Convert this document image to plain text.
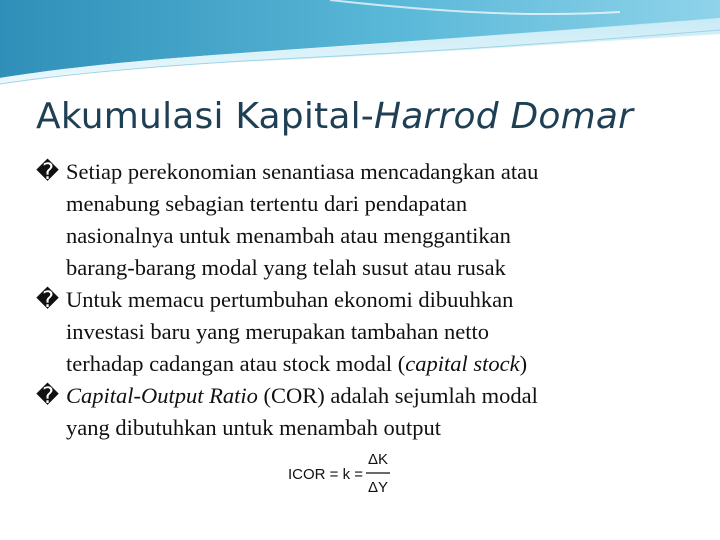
Akumulasi Kapital-Harrod Domar
� Setiap perekonomian senantiasa mencadangkan atau
menabung sebagian tertentu dari pendapatan
nasionalnya untuk menambah atau menggantikan
barang-barang modal yang telah susut atau rusak
� Untuk memacu pertumbuhan ekonomi dibuuhkan
investasi baru yang merupakan tambahan netto
terhadap cadangan atau stock modal (capital stock)
� Capital-Output Ratio (COR) adalah sejumlah modal
yang dibutuhkan untuk menambah output
ICOR = k =
ΔK
ΔY
